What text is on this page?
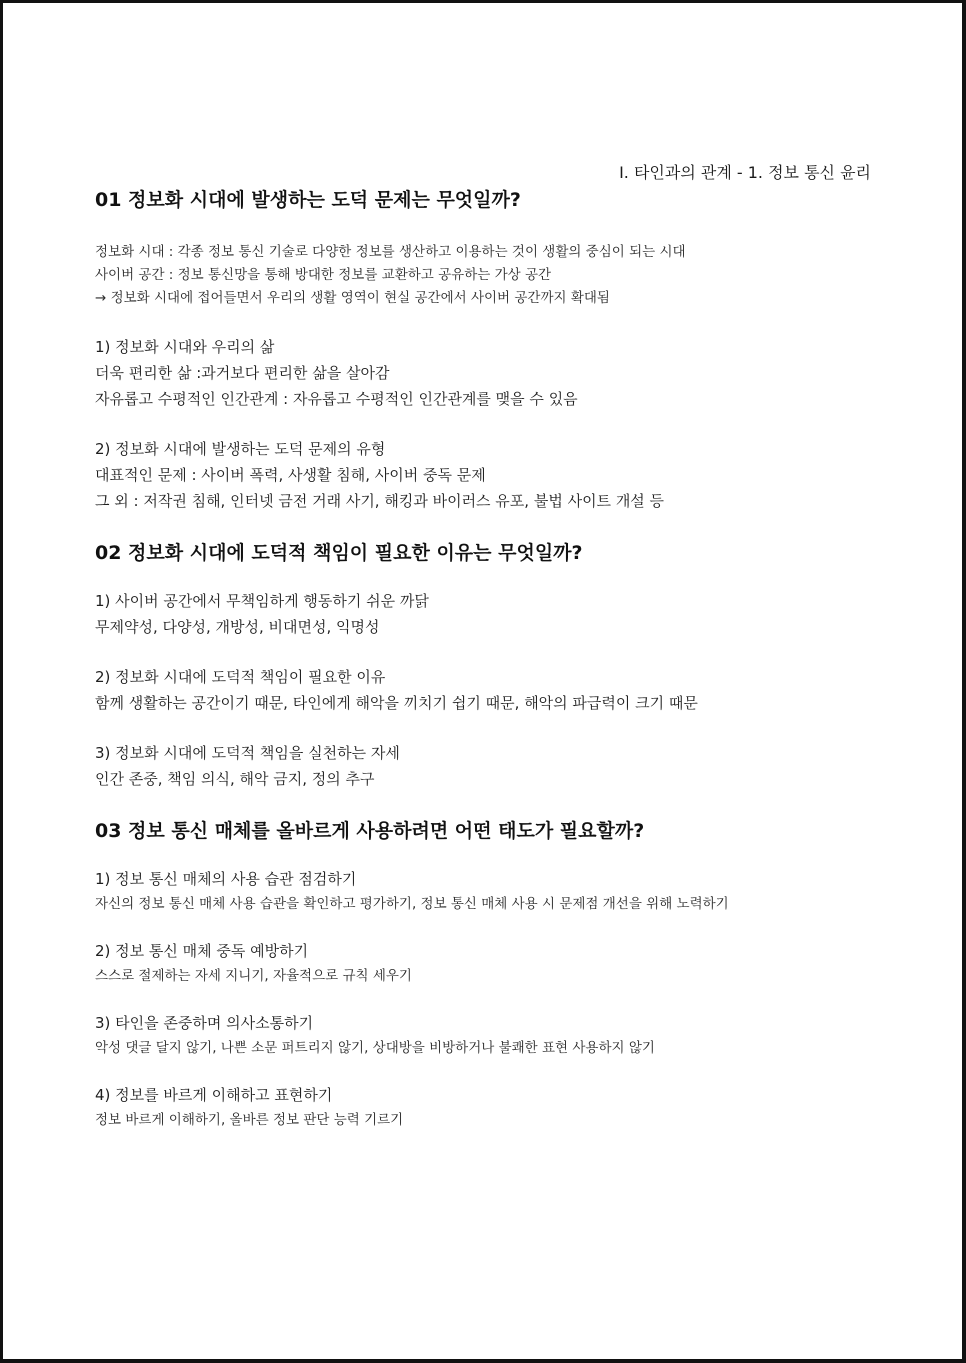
Ⅰ. 타인과의 관계 - 1. 정보 통신 윤리
01 정보화 시대에 발생하는 도덕 문제는 무엇일까?
정보화 시대 : 각종 정보 통신 기술로 다양한 정보를 생산하고 이용하는 것이 생활의 중심이 되는 시대
사이버 공간 : 정보 통신망을 통해 방대한 정보를 교환하고 공유하는 가상 공간
→ 정보화 시대에 접어들면서 우리의 생활 영역이 현실 공간에서 사이버 공간까지 확대됨
1) 정보화 시대와 우리의 삶
더욱 편리한 삶 :과거보다 편리한 삶을 살아감
자유롭고 수평적인 인간관계 : 자유롭고 수평적인 인간관계를 맺을 수 있음
2) 정보화 시대에 발생하는 도덕 문제의 유형
대표적인 문제 : 사이버 폭력, 사생활 침해, 사이버 중독 문제
그 외 : 저작권 침해, 인터넷 금전 거래 사기, 해킹과 바이러스 유포, 불법 사이트 개설 등
02 정보화 시대에 도덕적 책임이 필요한 이유는 무엇일까?
1) 사이버 공간에서 무책임하게 행동하기 쉬운 까닭
무제약성, 다양성, 개방성, 비대면성, 익명성
2) 정보화 시대에 도덕적 책임이 필요한 이유
함께 생활하는 공간이기 때문, 타인에게 해악을 끼치기 쉽기 때문, 해악의 파급력이 크기 때문
3) 정보화 시대에 도덕적 책임을 실천하는 자세
인간 존중, 책임 의식, 해악 금지, 정의 추구
03 정보 통신 매체를 올바르게 사용하려면 어떤 태도가 필요할까?
1) 정보 통신 매체의 사용 습관 점검하기
자신의 정보 통신 매체 사용 습관을 확인하고 평가하기, 정보 통신 매체 사용 시 문제점 개선을 위해 노력하기
2) 정보 통신 매체 중독 예방하기
스스로 절제하는 자세 지니기, 자율적으로 규칙 세우기
3) 타인을 존중하며 의사소통하기
악성 댓글 달지 않기, 나쁜 소문 퍼트리지 않기, 상대방을 비방하거나 불쾌한 표현 사용하지 않기
4) 정보를 바르게 이해하고 표현하기
정보 바르게 이해하기, 올바른 정보 판단 능력 기르기
